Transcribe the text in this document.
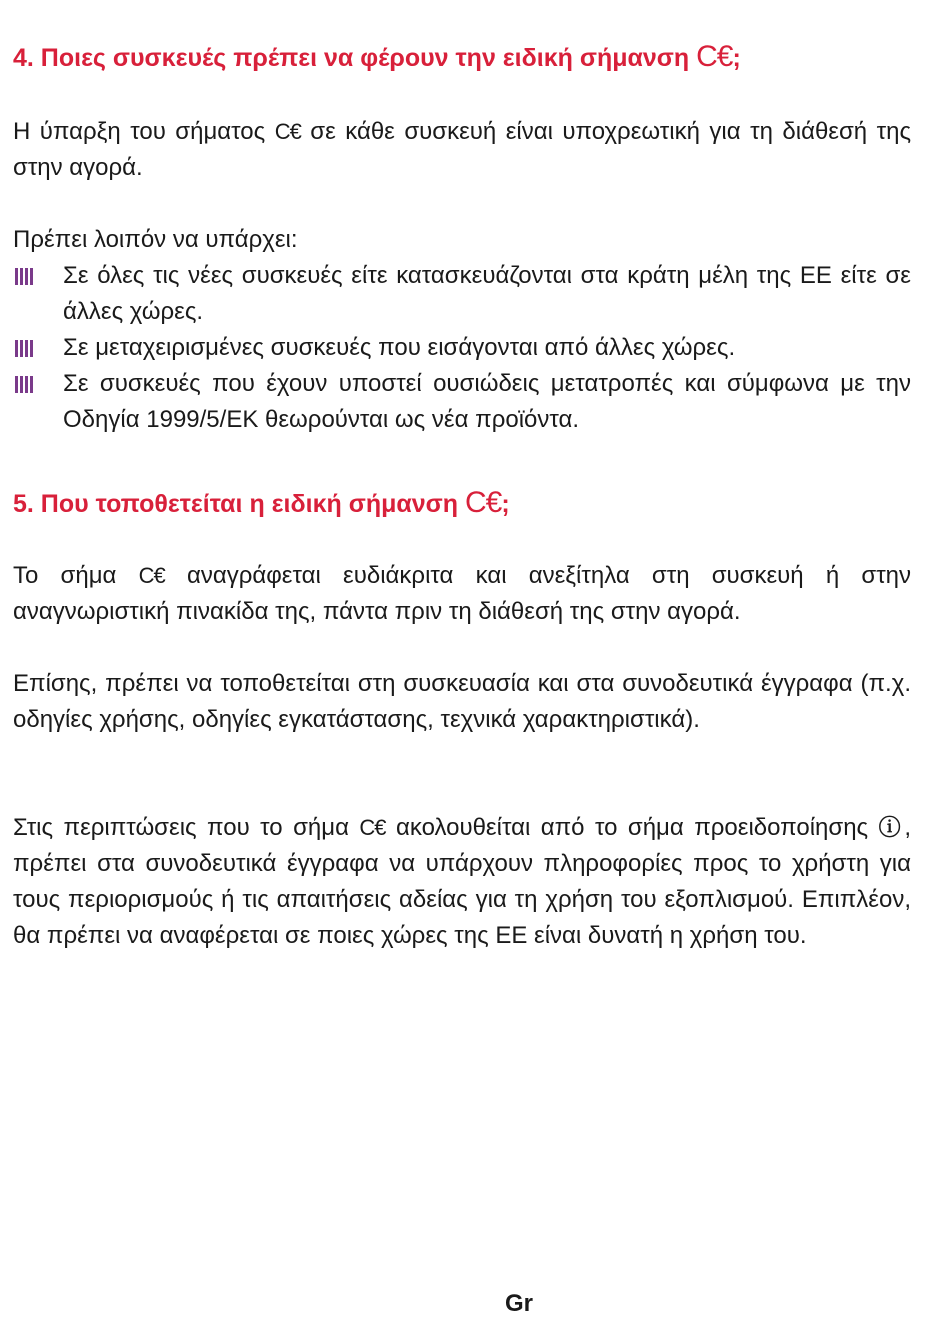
4. Ποιες συσκευές πρέπει να φέρουν την ειδική σήμανση C€;

Η ύπαρξη του σήματος C€ σε κάθε συσκευή είναι υποχρεωτική για τη διάθεσή της στην αγορά.

Πρέπει λοιπόν να υπάρχει:

Σε όλες τις νέες συσκευές είτε κατασκευάζονται στα κράτη μέλη της ΕΕ είτε σε άλλες χώρες.
Σε μεταχειρισμένες συσκευές που εισάγονται από άλλες χώρες.
Σε συσκευές που έχουν υποστεί ουσιώδεις μετατροπές και σύμφωνα με την Οδηγία 1999/5/ΕΚ θεωρούνται ως νέα προϊόντα.
5. Που τοποθετείται η ειδική σήμανση C€;

Το σήμα C€ αναγράφεται ευδιάκριτα και ανεξίτηλα στη συσκευή ή στην αναγνωριστική πινακίδα της, πάντα πριν τη διάθεσή της στην αγορά.

Επίσης, πρέπει να τοποθετείται στη συσκευασία και στα συνοδευτικά έγγραφα (π.χ. οδηγίες χρήσης, οδηγίες εγκατάστασης, τεχνικά χαρακτηριστικά).

Στις περιπτώσεις που το σήμα C€ ακολουθείται από το σήμα προειδοποίησης ⓘ, πρέπει στα συνοδευτικά έγγραφα να υπάρχουν πληροφορίες προς το χρήστη για τους περιορισμούς ή τις απαιτήσεις αδείας για τη χρήση του εξοπλισμού. Επιπλέον, θα πρέπει να αναφέρεται σε ποιες χώρες της ΕΕ είναι δυνατή η χρήση του.

Gr
